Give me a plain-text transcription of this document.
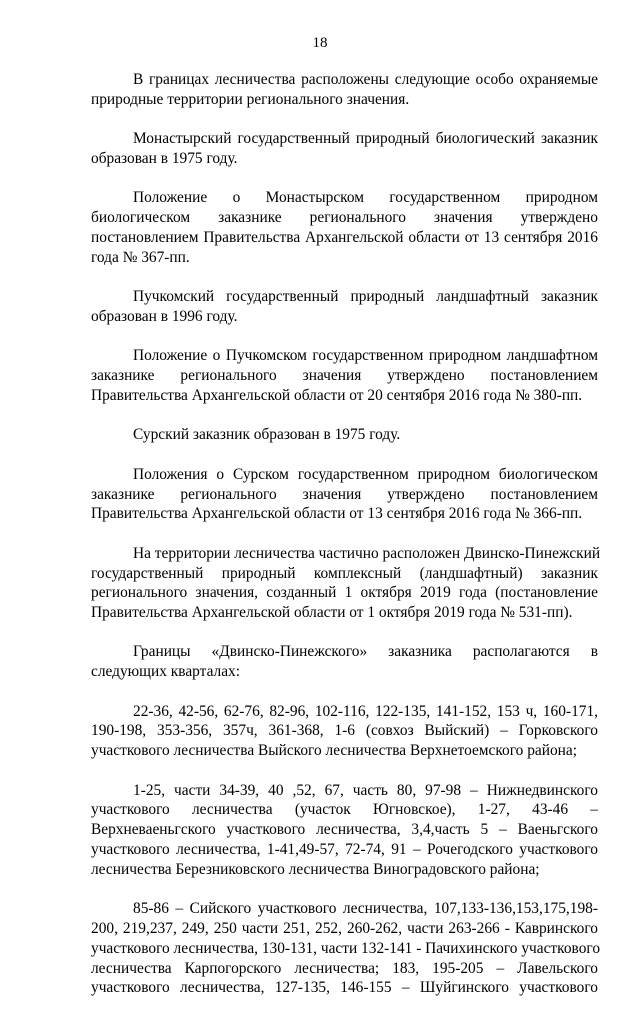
18

В границах лесничества расположены следующие особо охраняемые
природные территории регионального значения.

Монастырский государственный природный биологический заказник
образован в 1975 году.

Положение о Монастырском государственном природном
биологическом заказнике регионального значения утверждено
постановлением Правительства Архангельской области от 13 сентября 2016
года № 367-пп.

Пучкомский государственный природный ландшафтный заказник
образован в 1996 году.

Положение о Пучкомском государственном природном ландшафтном
заказнике регионального значения утверждено постановлением
Правительства Архангельской области от 20 сентября 2016 года № 380-пп.

Сурский заказник образован в 1975 году.

Положения о Сурском государственном природном биологическом
заказнике регионального значения утверждено постановлением
Правительства Архангельской области от 13 сентября 2016 года № 366-пп.

На территории лесничества частично расположен Двинско-Пинежский
государственный природный комплексный (ландшафтный) заказник
регионального значения, созданный 1 октября 2019 года (постановление
Правительства Архангельской области от 1 октября 2019 года № 531-пп).

Границы «Двинско-Пинежского» заказника располагаются в
следующих кварталах:

22-36, 42-56, 62-76, 82-96, 102-116, 122-135, 141-152, 153 ч, 160-171,
190-198, 353-356, 357ч, 361-368, 1-6 (совхоз Выйский) – Горковского
участкового лесничества Выйского лесничества Верхнетоемского района;

1-25, части 34-39, 40 ,52, 67, часть 80, 97-98 – Нижнедвинского
участкового лесничества (участок Югновское), 1-27, 43-46 –
Верхневаеньгского участкового лесничества, 3,4,часть 5 – Ваеньгского
участкового лесничества, 1-41,49-57, 72-74, 91 – Рочегодского участкового
лесничества Березниковского лесничества Виноградовского района;

85-86 – Сийского участкового лесничества, 107,133-136,153,175,198-
200, 219,237, 249, 250 части 251, 252, 260-262, части 263-266 - Кавринского
участкового лесничества, 130-131, части 132-141 - Пачихинского участкового
лесничества Карпогорского лесничества; 183, 195-205 – Лавельского
участкового лесничества, 127-135, 146-155 – Шуйгинского участкового
